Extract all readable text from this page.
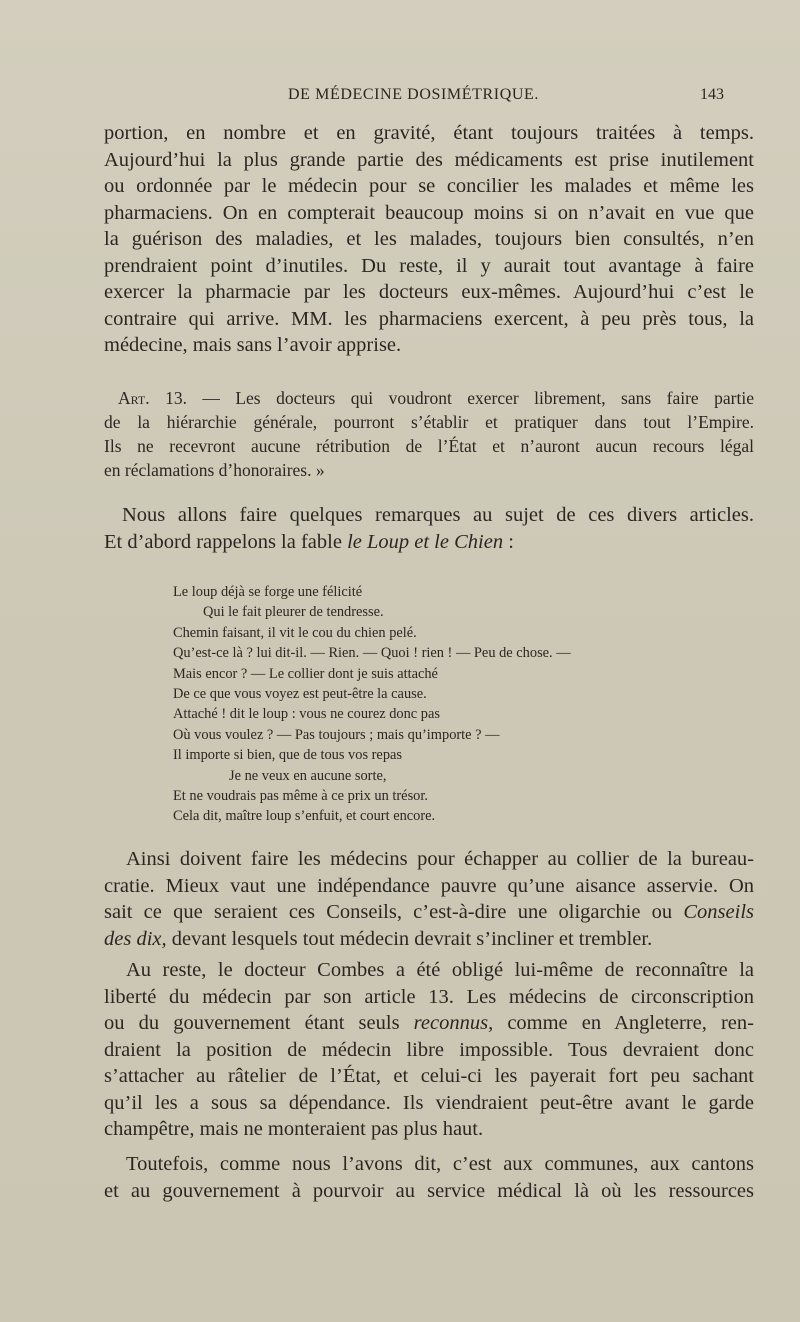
DE MÉDECINE DOSIMÉTRIQUE.	143

portion, en nombre et en gravité, étant toujours traitées à temps.
Aujourd’hui la plus grande partie des médicaments est prise inutilement
ou ordonnée par le médecin pour se concilier les malades et même les
pharmaciens. On en compterait beaucoup moins si on n’avait en vue que
la guérison des maladies, et les malades, toujours bien consultés, n’en
prendraient point d’inutiles. Du reste, il y aurait tout avantage à faire
exercer la pharmacie par les docteurs eux-mêmes. Aujourd’hui c’est le
contraire qui arrive. MM. les pharmaciens exercent, à peu près tous, la
médecine, mais sans l’avoir apprise.

Art. 13. — Les docteurs qui voudront exercer librement, sans faire partie
de la hiérarchie générale, pourront s’établir et pratiquer dans tout l’Empire.
Ils ne recevront aucune rétribution de l’État et n’auront aucun recours légal
en réclamations d’honoraires. »

Nous allons faire quelques remarques au sujet de ces divers articles.
Et d’abord rappelons la fable le Loup et le Chien :

Le loup déjà se forge une félicité
Qui le fait pleurer de tendresse.
Chemin faisant, il vit le cou du chien pelé.
Qu’est-ce là ? lui dit-il. — Rien. — Quoi ! rien ! — Peu de chose. —
Mais encor ? — Le collier dont je suis attaché
De ce que vous voyez est peut-être la cause.
Attaché ! dit le loup : vous ne courez donc pas
Où vous voulez ? — Pas toujours ; mais qu’importe ? —
Il importe si bien, que de tous vos repas
Je ne veux en aucune sorte,
Et ne voudrais pas même à ce prix un trésor.
Cela dit, maître loup s’enfuit, et court encore.

Ainsi doivent faire les médecins pour échapper au collier de la bureau-
cratie. Mieux vaut une indépendance pauvre qu’une aisance asservie. On
sait ce que seraient ces Conseils, c’est-à-dire une oligarchie ou Conseils
des dix, devant lesquels tout médecin devrait s’incliner et trembler.

Au reste, le docteur Combes a été obligé lui-même de reconnaître la
liberté du médecin par son article 13. Les médecins de circonscription
ou du gouvernement étant seuls reconnus, comme en Angleterre, ren-
draient la position de médecin libre impossible. Tous devraient donc
s’attacher au râtelier de l’État, et celui-ci les payerait fort peu sachant
qu’il les a sous sa dépendance. Ils viendraient peut-être avant le garde
champêtre, mais ne monteraient pas plus haut.

Toutefois, comme nous l’avons dit, c’est aux communes, aux cantons
et au gouvernement à pourvoir au service médical là où les ressources
